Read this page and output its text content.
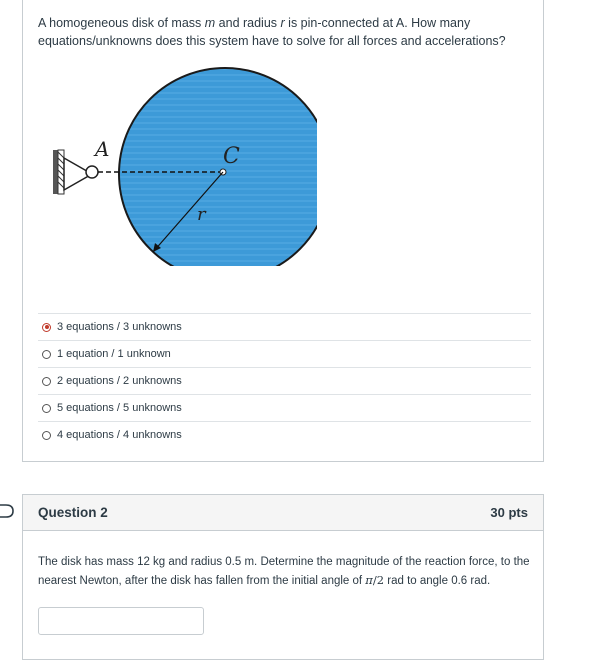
A homogeneous disk of mass m and radius r is pin-connected at A. How many equations/unknowns does this system have to solve for all forces and accelerations?
A	C
r
3 equations / 3 unknowns
1 equation / 1 unknown
2 equations / 2 unknowns
5 equations / 5 unknowns
4 equations / 4 unknowns
Question 2	30 pts
The disk has mass 12 kg and radius 0.5 m. Determine the magnitude of the reaction force, to the nearest Newton, after the disk has fallen from the initial angle of π/2 rad to angle 0.6 rad.
